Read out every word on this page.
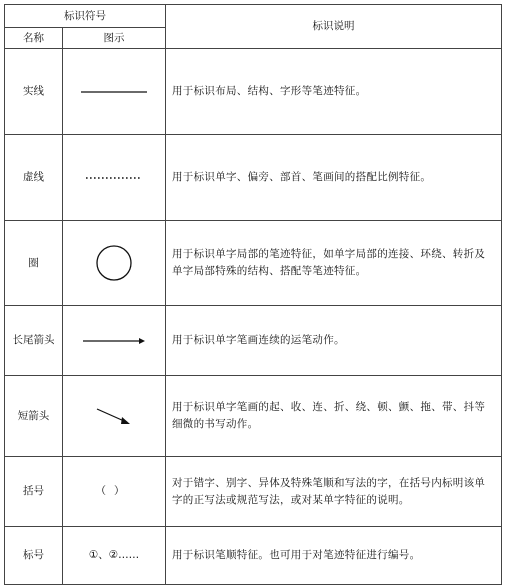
标识符号		标识说明
名称	图示	
实线		用于标识布局、结构、字形等笔迹特征。
虚线		用于标识单字、偏旁、部首、笔画间的搭配比例特征。
圈		用于标识单字局部的笔迹特征，如单字局部的连接、环绕、转折及单字局部特殊的结构、搭配等笔迹特征。
长尾箭头		用于标识单字笔画连续的运笔动作。
短箭头		用于标识单字笔画的起、收、连、折、绕、顿、颤、拖、带、抖等细微的书写动作。
括号	（）	对于错字、别字、异体及特殊笔顺和写法的字，在括号内标明该单字的正写法或规范写法，或对某单字特征的说明。
标号	①、②……	用于标识笔顺特征。也可用于对笔迹特征进行编号。
